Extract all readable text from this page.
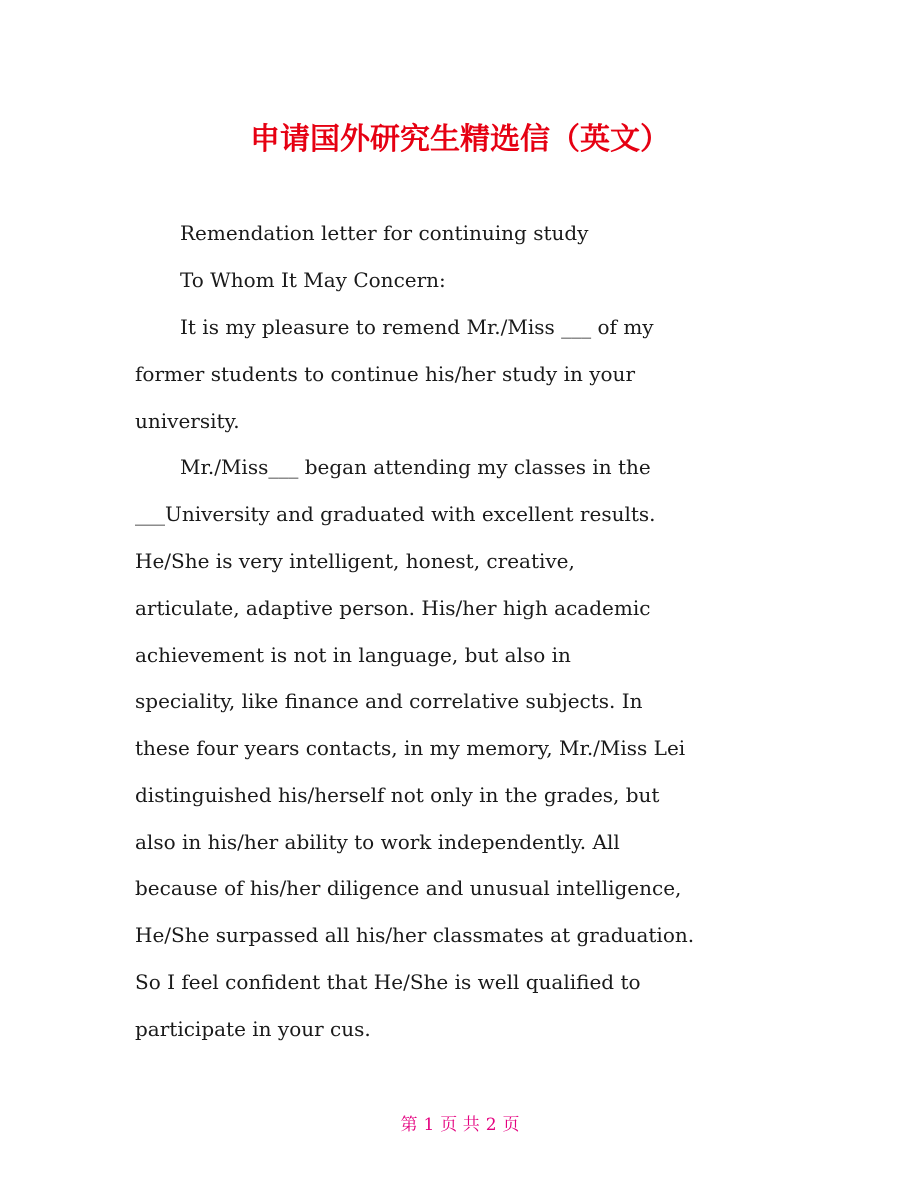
申请国外研究生精选信（英文）
Remendation letter for continuing study
To Whom It May Concern:
It is my pleasure to remend Mr./Miss ___ of my
former students to continue his/her study in your
university.
Mr./Miss___ began attending my classes in the
___University and graduated with excellent results.
He/She is very intelligent, honest, creative,
articulate, adaptive person. His/her high academic
achievement is not in language, but also in
speciality, like finance and correlative subjects. In
these four years contacts, in my memory, Mr./Miss Lei
distinguished his/herself not only in the grades, but
also in his/her ability to work independently. All
because of his/her diligence and unusual intelligence,
He/She surpassed all his/her classmates at graduation.
So I feel confident that He/She is well qualified to
participate in your cus.
第 1 页 共 2 页
